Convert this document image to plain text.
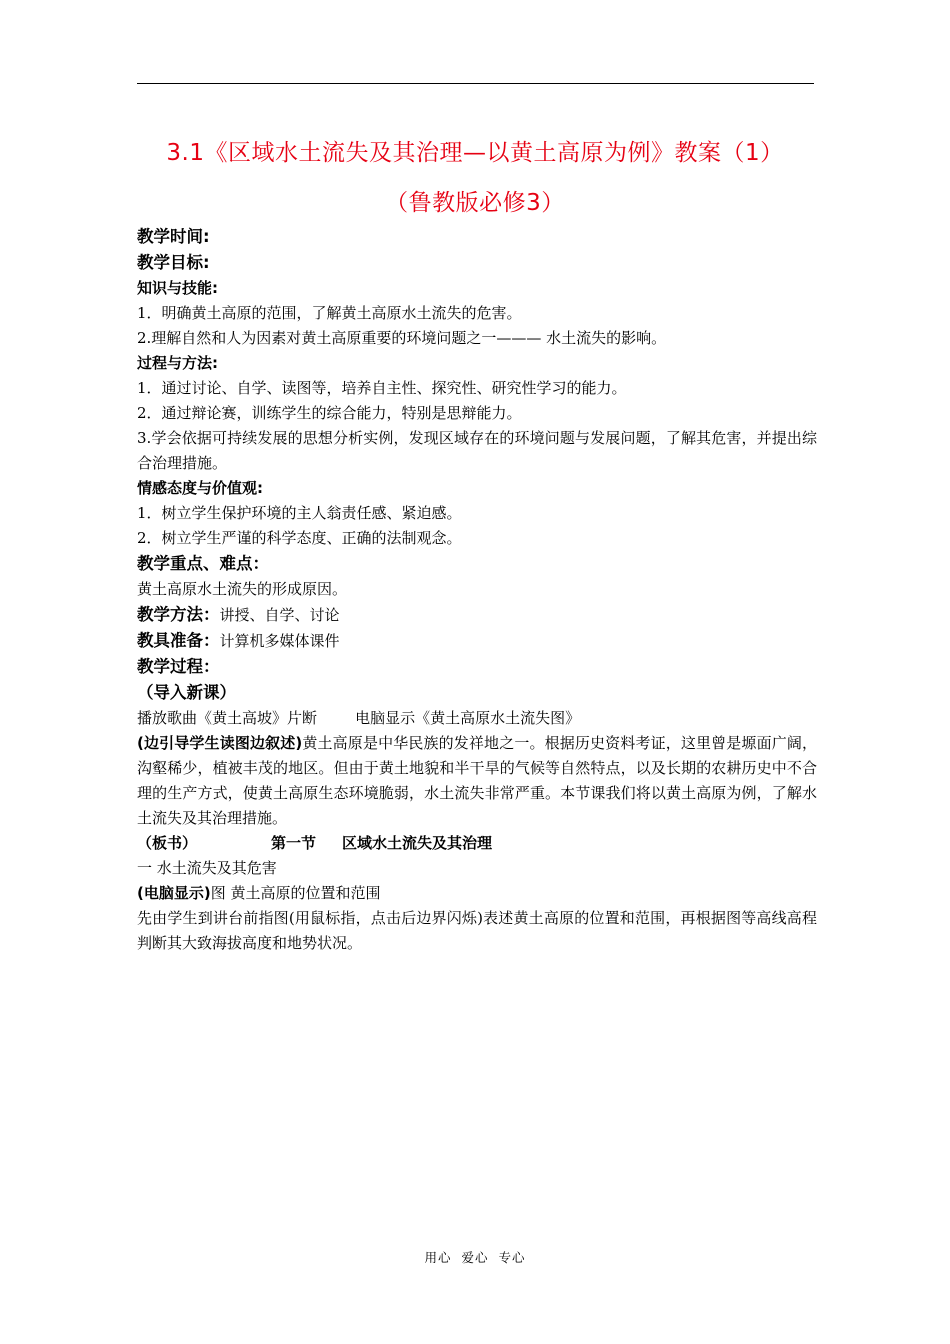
3.1《区域水土流失及其治理—以黄土高原为例》教案（1）
（鲁教版必修3）
教学时间:
教学目标:
知识与技能:
1．明确黄土高原的范围，了解黄土高原水土流失的危害。
2.理解自然和人为因素对黄土高原重要的环境问题之一——— 水土流失的影响。
过程与方法:
1．通过讨论、自学、读图等，培养自主性、探究性、研究性学习的能力。
2．通过辩论赛，训练学生的综合能力，特别是思辩能力。
3.学会依据可持续发展的思想分析实例，发现区域存在的环境问题与发展问题，了解其危害，并提出综合治理措施。
情感态度与价值观:
1．树立学生保护环境的主人翁责任感、紧迫感。
2．树立学生严谨的科学态度、正确的法制观念。
教学重点、难点：
黄土高原水土流失的形成原因。
教学方法：讲授、自学、讨论
教具准备：计算机多媒体课件
教学过程：
（导入新课）
播放歌曲《黄土高坡》片断        电脑显示《黄土高原水土流失图》
(边引导学生读图边叙述)黄土高原是中华民族的发祥地之一。根据历史资料考证，这里曾是塬面广阔，沟壑稀少，植被丰茂的地区。但由于黄土地貌和半干旱的气候等自然特点，以及长期的农耕历史中不合理的生产方式，使黄土高原生态环境脆弱，水土流失非常严重。本节课我们将以黄土高原为例，了解水土流失及其治理措施。
（板书）	第一节 区域水土流失及其治理
一 水土流失及其危害
(电脑显示)图 黄土高原的位置和范围
先由学生到讲台前指图(用鼠标指，点击后边界闪烁)表述黄土高原的位置和范围，再根据图等高线高程判断其大致海拔高度和地势状况。
用心  爱心  专心
